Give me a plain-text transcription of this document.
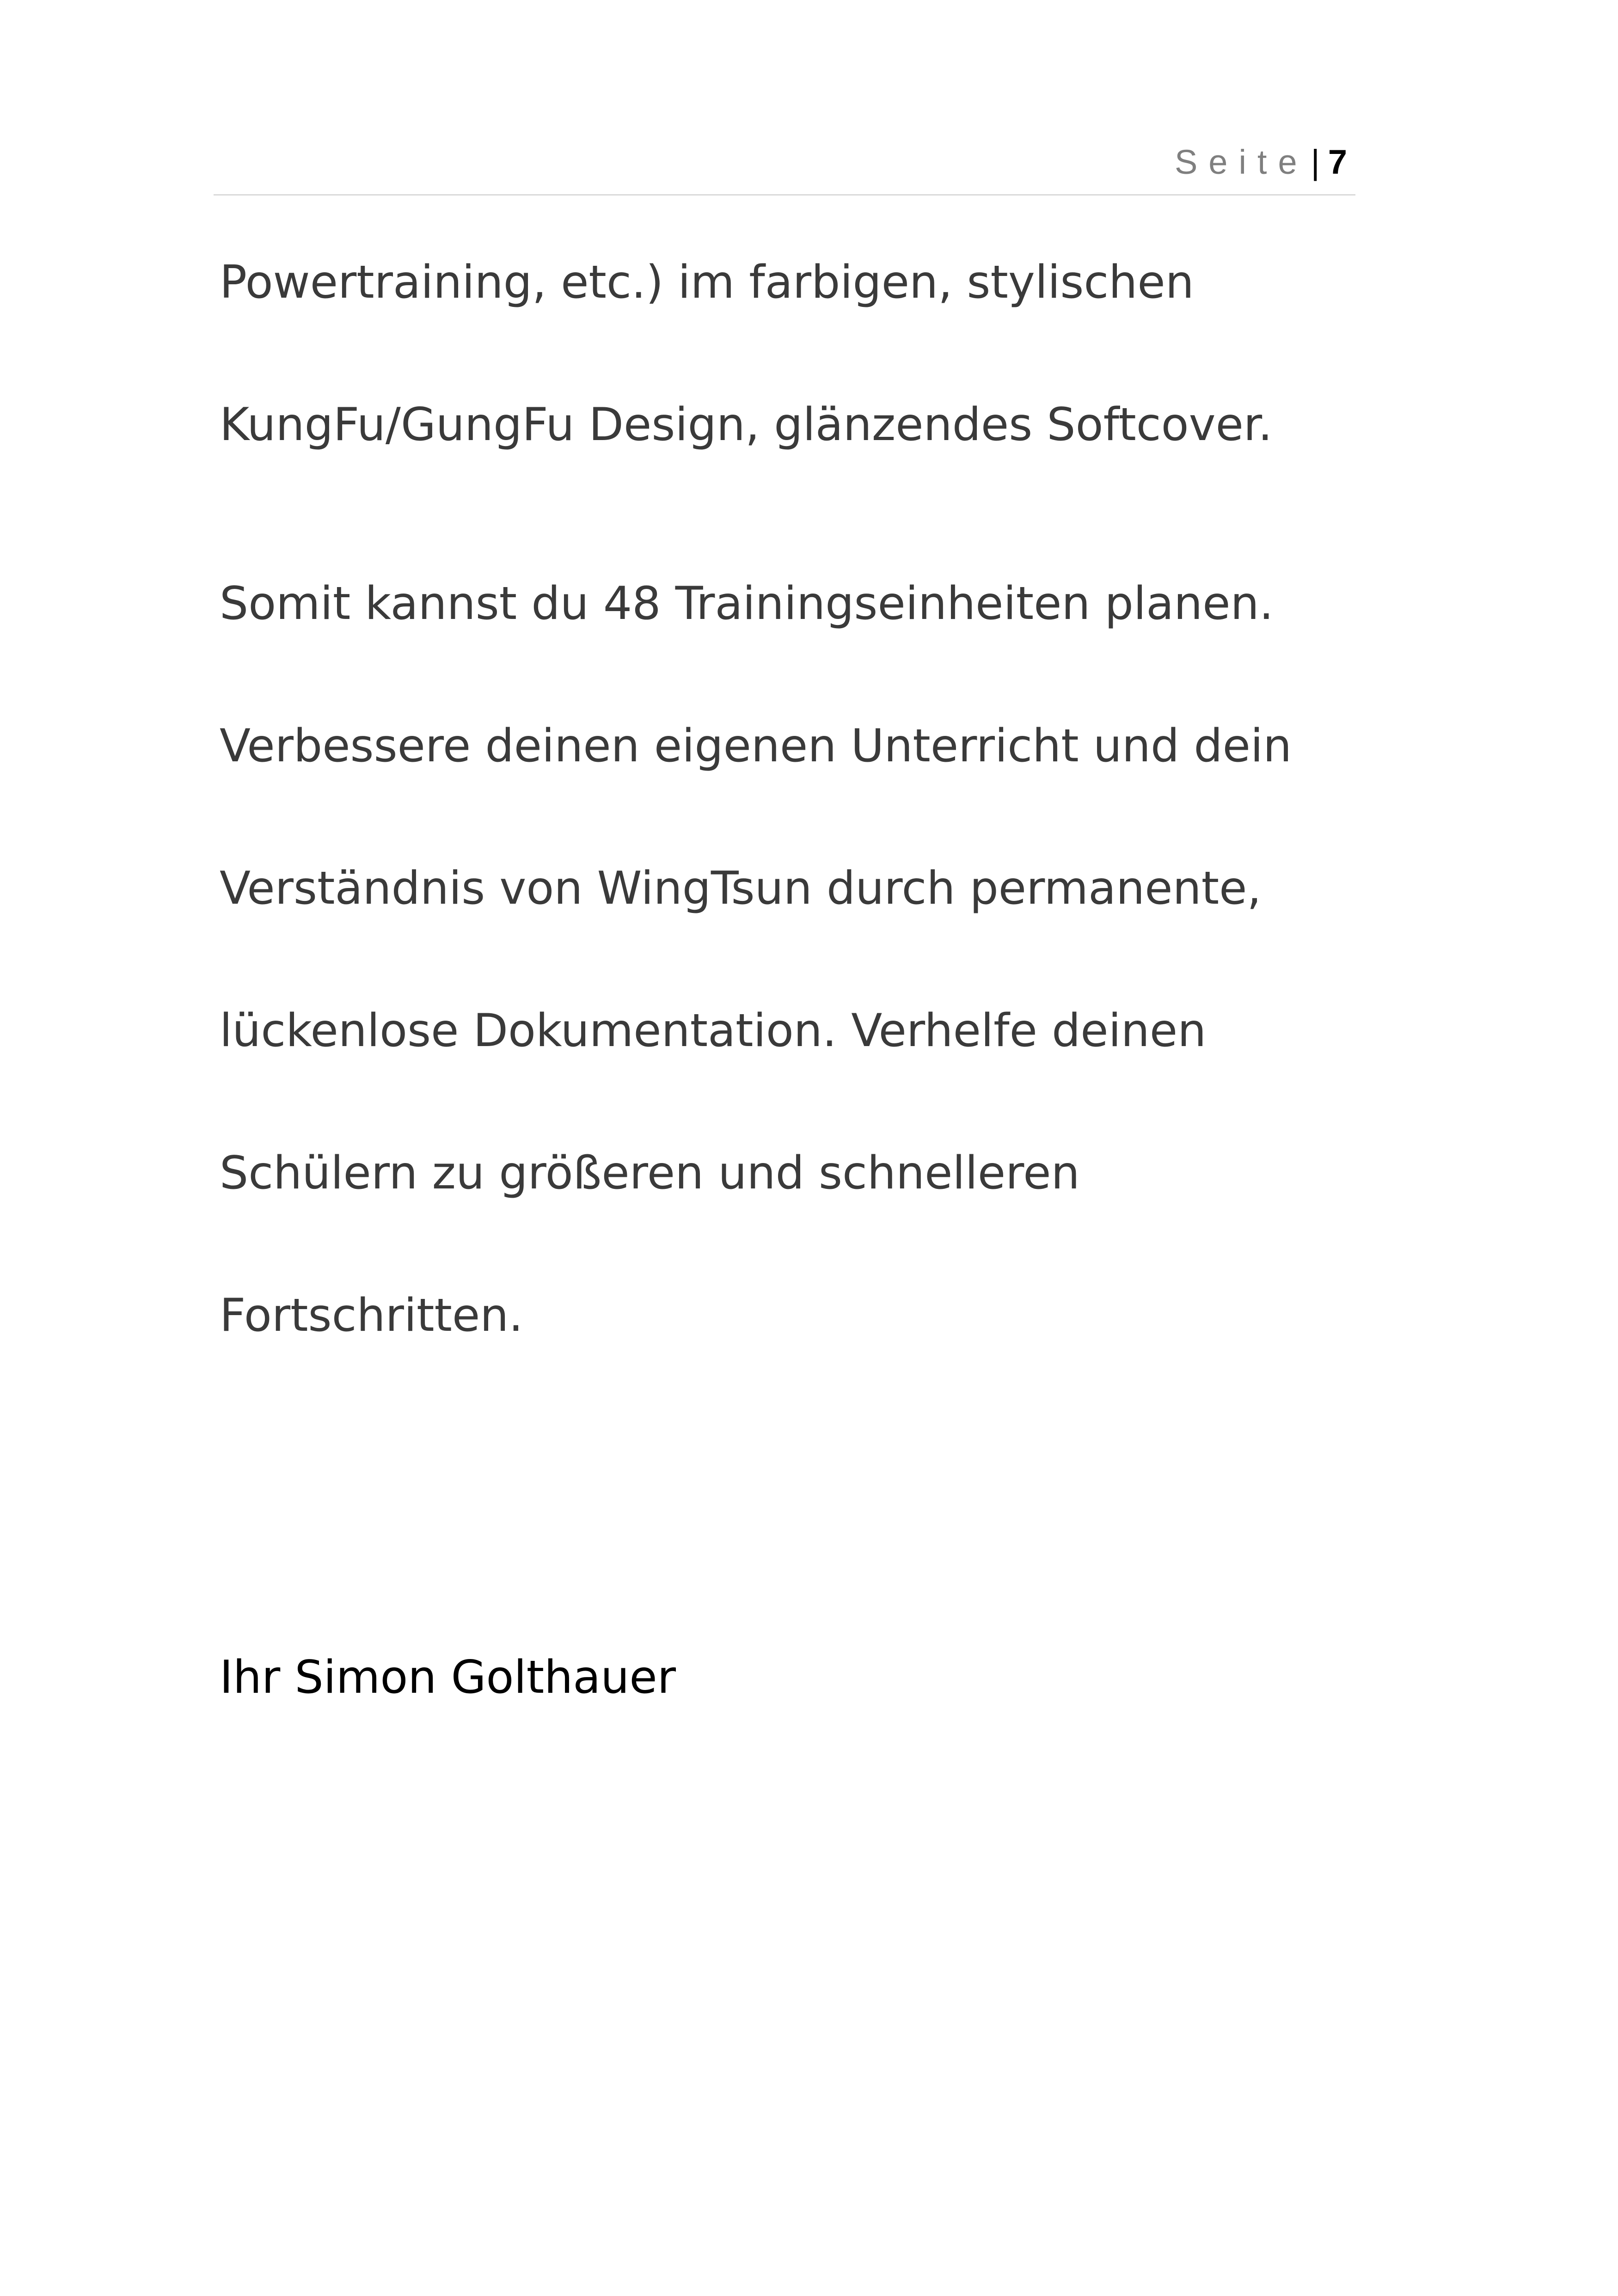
Seite| 7
Powertraining, etc.) im farbigen, stylischen
KungFu/GungFu Design, glänzendes Softcover.
Somit kannst du 48 Trainingseinheiten planen.
Verbessere deinen eigenen Unterricht und dein
Verständnis von WingTsun durch permanente,
lückenlose Dokumentation. Verhelfe deinen
Schülern zu größeren und schnelleren
Fortschritten.
Ihr Simon Golthauer
